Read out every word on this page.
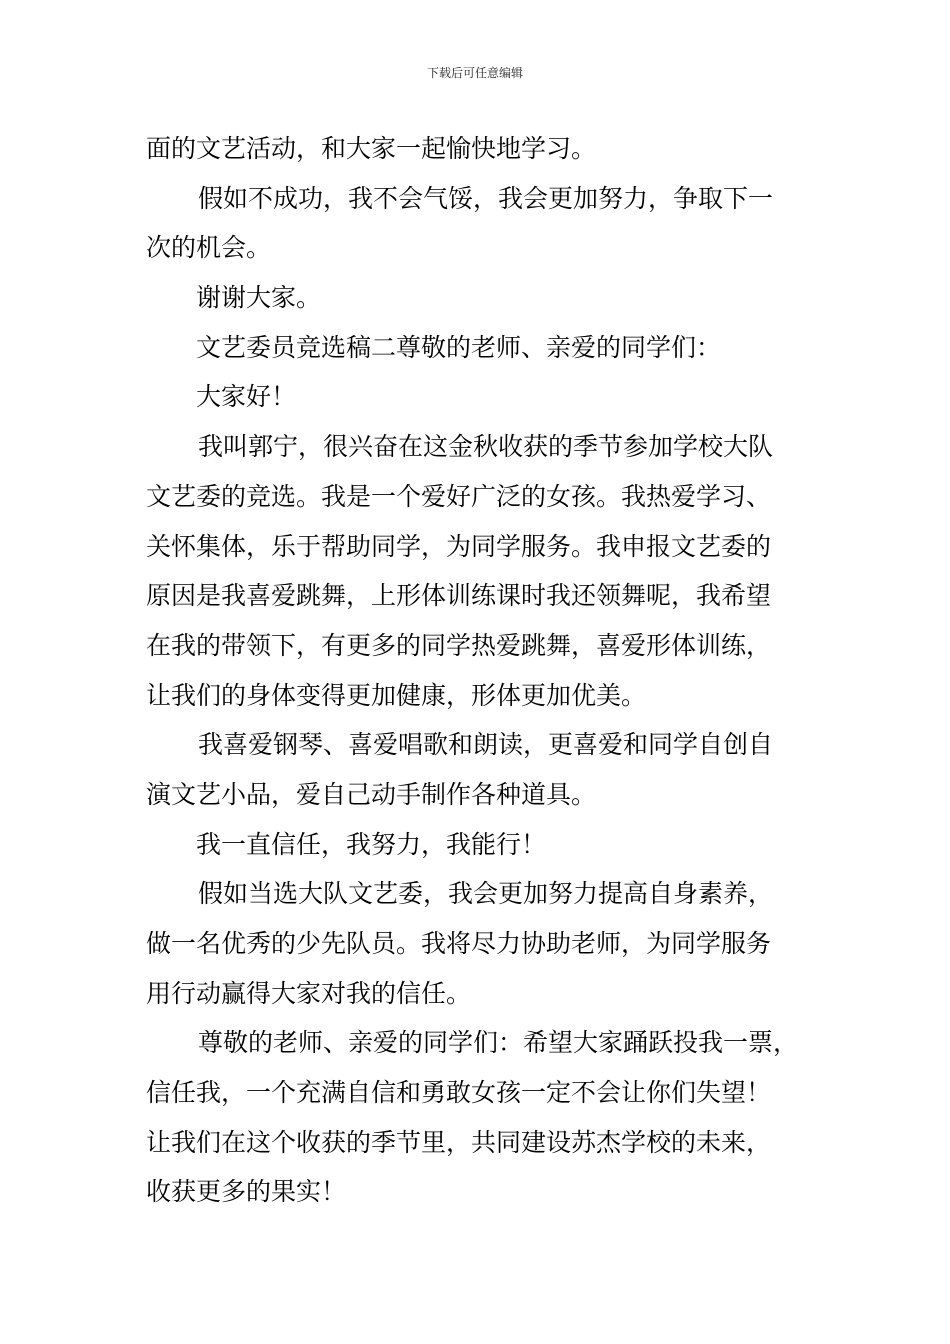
下载后可任意编辑
面的文艺活动，和大家一起愉快地学习。
假如不成功，我不会气馁，我会更加努力，争取下一
次的机会。
谢谢大家。
文艺委员竞选稿二尊敬的老师、亲爱的同学们：
大家好！
我叫郭宁，很兴奋在这金秋收获的季节参加学校大队
文艺委的竞选。我是一个爱好广泛的女孩。我热爱学习、
关怀集体，乐于帮助同学，为同学服务。我申报文艺委的
原因是我喜爱跳舞，上形体训练课时我还领舞呢，我希望
在我的带领下，有更多的同学热爱跳舞，喜爱形体训练，
让我们的身体变得更加健康，形体更加优美。
我喜爱钢琴、喜爱唱歌和朗读，更喜爱和同学自创自
演文艺小品，爱自己动手制作各种道具。
我一直信任，我努力，我能行！
假如当选大队文艺委，我会更加努力提高自身素养，
做一名优秀的少先队员。我将尽力协助老师，为同学服务
用行动赢得大家对我的信任。
尊敬的老师、亲爱的同学们：希望大家踊跃投我一票，
信任我，一个充满自信和勇敢女孩一定不会让你们失望！
让我们在这个收获的季节里，共同建设苏杰学校的未来，
收获更多的果实！
